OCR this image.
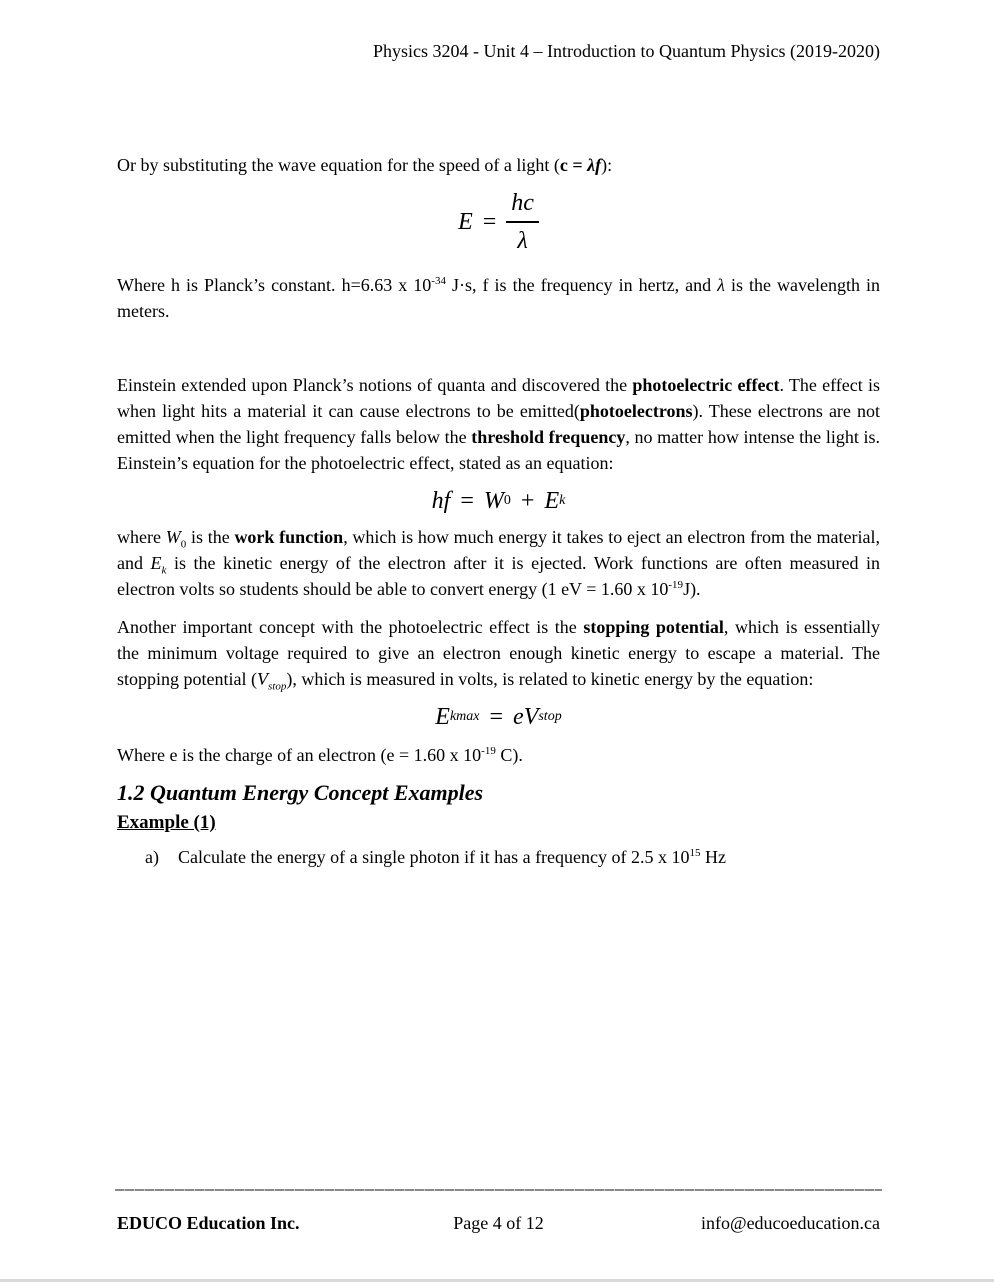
Physics 3204 - Unit 4 – Introduction to Quantum Physics (2019-2020)

Or by substituting the wave equation for the speed of a light (c = λf):

$E = \frac{hc}{\lambda}$

Where h is Planck’s constant. h=6.63 x $10^{-34}$ J·s, f is the frequency in hertz, and λ is the wavelength in meters.

Einstein extended upon Planck’s notions of quanta and discovered the photoelectric effect. The effect is when light hits a material it can cause electrons to be emitted(photoelectrons). These electrons are not emitted when the light frequency falls below the threshold frequency, no matter how intense the light is. Einstein’s equation for the photoelectric effect, stated as an equation:

hf = W 0 + E k

where $W_0$ is the work function, which is how much energy it takes to eject an electron from the material, and $E_k$ is the kinetic energy of the electron after it is ejected. Work functions are often measured in electron volts so students should be able to convert energy (1 eV = 1.60 x $10^{-19}J$).

Another important concept with the photoelectric effect is the stopping potential, which is essentially the minimum voltage required to give an electron enough kinetic energy to escape a material. The stopping potential $(V_{stop})$, which is measured in volts, is related to kinetic energy by the equation:

E kmax = eV stop

Where e is the charge of an electron (e = 1.60 x $10^{-19}$ C).

1.2 Quantum Energy Concept Examples
Example (1)
a)	Calculate the energy of a single photon if it has a frequency of 2.5 x $10^{15}$ Hz
EDUCO Education Inc.	Page 4 of 12	info@educoeducation.ca
